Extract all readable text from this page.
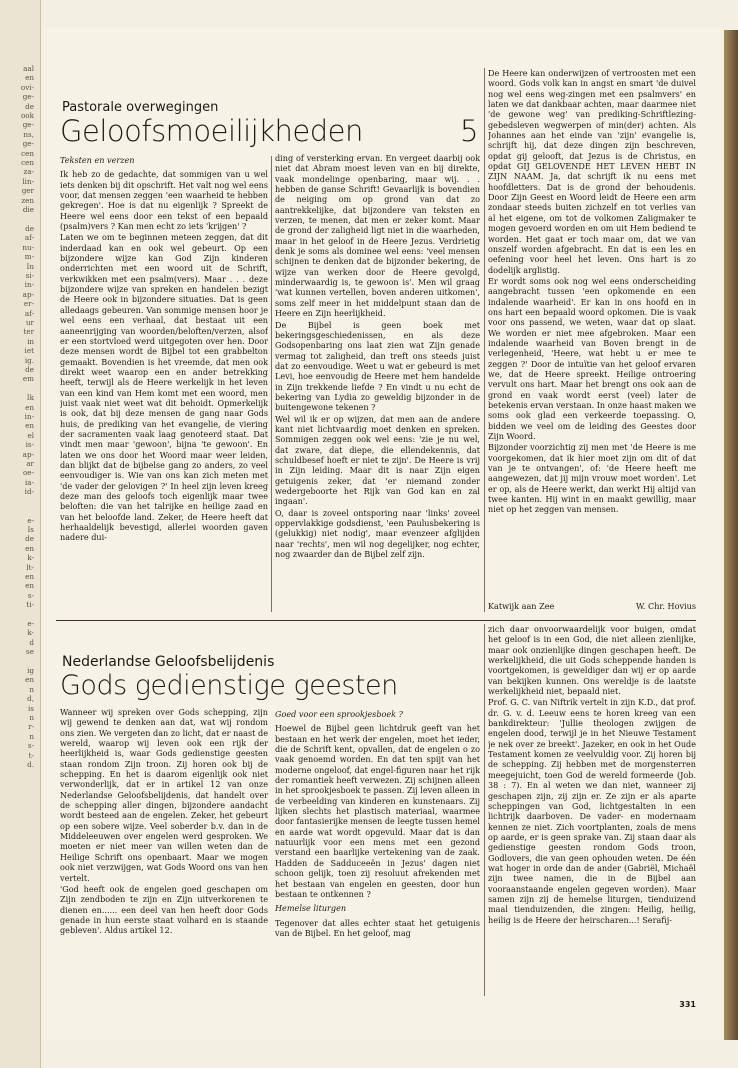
aal
en
ovi-
ge-
de
ook
ge-
ns,
ge-
cen
cen
za-
lin-
ger
zen
die

de
af-
nu-
m-
In
si-
in-
ap-
er-
af-
ur
ter
in
iet
ig.
de
em

Ik
en
in-
en
el
is-
ap-
ar
oe-
ia-
id-

e-
Is
de
en
k-
lt-
en
en
s-
ti-

e-
k-
d
se

ig
en
n
d,
is
n
r-
n
s-
t-
d.
Pastorale overwegingen
Geloofsmoeilijkheden	5
Teksten en verzen

Ik heb zo de gedachte, dat sommigen van u wel iets denken bij dit opschrift. Het valt nog wel eens voor, dat mensen zeggen 'een waarheid te hebben gekregen'. Hoe is dat nu eigenlijk ? Spreekt de Heere wel eens door een tekst of een bepaald (psalm)vers ? Kan men echt zo iets 'krijgen' ?

Laten we om te beginnen meteen zeggen, dat dit inderdaad kan en ook wel gebeurt. Op een bijzondere wijze kan God Zijn kinderen onderrichten met een woord uit de Schrift, verkwikken met een psalm(vers). Maar . . . deze bijzondere wijze van spreken en handelen bezigt de Heere ook in bijzondere situaties. Dat is geen alledaags gebeuren. Van sommige mensen hoor je wel eens een verhaal, dat bestaat uit een aaneenrijging van woorden/beloften/verzen, alsof er een stortvloed werd uitgegoten over hen. Door deze mensen wordt de Bijbel tot een grabbelton gemaakt. Bovendien is het vreemde, dat men ook direkt weet waarop een en ander betrekking heeft, terwijl als de Heere werkelijk in het leven van een kind van Hem komt met een woord, men juist vaak niet weet wat dit behoidt. Opmerkelijk is ook, dat bij deze mensen de gang naar Gods huis, de prediking van het evangelie, de viering der sacramenten vaak laag genoteerd staat. Dat vindt men maar 'gewoon', bijna 'te gewoon'. En laten we ons door het Woord maar weer leiden, dan blijkt dat de bijbelse gang zo anders, zo veel eenvoudiger is. Wie van ons kan zich meten met 'de vader der gelovigen ?' In heel zijn leven kreeg deze man des geloofs toch eigenlijk maar twee beloften: die van het talrijke en heilige zaad en van het beloofde land. Zeker, de Heere heeft dat herhaaldelijk bevestigd, allerlei woorden gaven nadere dui-

ding of versterking ervan. En vergeet daarbij ook niet dat Abram moest leven van en bij direkte, vaak mondelinge openbaring, maar wij. . . hebben de ganse Schrift! Gevaarlijk is bovendien de neiging om op grond van dat zo aantrekkelijke, dat bijzondere van teksten en verzen, te menen, dat men er zeker komt. Maar de grond der zaligheid ligt niet in die waarheden, maar in het geloof in de Heere Jezus. Verdrietig denk je soms als dominee wel eens: 'veel mensen schijnen te denken dat de bijzonder bekering, de wijze van werken door de Heere gevolgd, minderwaardig is, te gewoon is'. Men wil graag 'wat kunnen vertellen, boven anderen uitkomen', soms zelf meer in het middelpunt staan dan de Heere en Zijn heerlijkheid.

De Bijbel is geen boek met bekeringsgeschiedenissen, en als deze Godsopenbaring ons laat zien wat Zijn genade vermag tot zaligheid, dan treft ons steeds juist dat zo eenvoudige. Weet u wat er gebeurd is met Levi, hoe eenvoudig de Heere met hem handelde in Zijn trekkende liefde ? En vindt u nu echt de bekering van Lydia zo geweldig bijzonder in de buitengewone tekenen ?

Wel wil ik er op wijzen, dat men aan de andere kant niet lichtvaardig moet denken en spreken. Sommigen zeggen ook wel eens: 'zie je nu wel, dat zware, dat diepe, die ellendekennis, dat schuldbesef hoeft er niet te zijn'. De Heere is vrij in Zijn leiding. Maar dit is naar Zijn eigen getuigenis zeker, dat 'er niemand zonder wedergeboorte het Rijk van God kan en zal ingaan'.

O, daar is zoveel ontsporing naar 'links' zoveel oppervlakkige godsdienst, 'een Paulusbekering is (gelukkig) niet nodig', maar evenzeer afglijden naar 'rechts', men wil nog degelijker, nog echter, nog zwaarder dan de Bijbel zelf zijn.

De Heere kan onderwijzen of vertroosten met een woord. Gods volk kan in angst en smart 'de duivel nog wel eens weg-zingen met een psalmvers' en laten we dat dankbaar achten, maar daarmee niet 'de gewone weg' van prediking-Schriftlezing-gebedsleven wegwerpen of min(der) achten. Als Johannes aan het einde van 'zijn' evangelie is, schrijft hij, dat deze dingen zijn beschreven, opdat gij gelooft, dat Jezus is de Christus, en opdat GIJ GELOVENDE HET LEVEN HEBT IN ZIJN NAAM. Ja, dat schrijft ik nu eens met hoofdletters. Dat is de grond der behoudenis. Door Zijn Geest en Woord leidt de Heere een arm zondaar steeds buiten zichzelf en tot verlies van al het eigene, om tot de volkomen Zaligmaker te mogen gevoerd worden en om uit Hem bediend te worden. Het gaat er toch maar om, dat we van onszelf worden afgebracht. En dat is een les en oefening voor heel het leven. Ons hart is zo dodelijk arglistig.

Er wordt soms ook nog wel eens onderscheiding aangebracht tussen 'een opkomende en een indalende waarheid'. Er kan in ons hoofd en in ons hart een bepaald woord opkomen. Die is vaak voor ons passend, we weten, waar dat op slaat. We worden er niet mee afgebroken. Maar een indalende waarheid van Boven brengt in de verlegenheid, 'Heere, wat hebt u er mee te zeggen ?' Door de intuïtie van het geloof ervaren we, dat de Heere spreekt. Heilige ontroering vervult ons hart. Maar het brengt ons ook aan de grond en vaak wordt eerst (veel) later de betekenis ervan verstaan. In onze haast maken we soms ook glad een verkeerde toepassing. O, bidden we veel om de leiding des Geestes door Zijn Woord.

Bijzonder voorzichtig zij men met 'de Heere is me voorgekomen, dat ik hier moet zijn om dit of dat van je te ontvangen', of: 'de Heere heeft me aangewezen, dat jij mijn vrouw moet worden'. Let er op, als de Heere werkt, dan werkt Hij altijd van twee kanten. Hij wint in en maakt gewillig, maar niet op het zeggen van mensen.

Katwijk aan Zee	W. Chr. Hovius
Nederlandse Geloofsbelijdenis
Gods gedienstige geesten

Wanneer wij spreken over Gods schepping, zijn wij gewend te denken aan dat, wat wij rondom ons zien. We vergeten dan zo licht, dat er naast de wereld, waarop wij leven ook een rijk der heerlijkheid is, waar Gods gedienstige geesten staan rondom Zijn troon. Zij horen ook bij de schepping. En het is daarom eigenlijk ook niet verwonderlijk, dat er in artikel 12 van onze Nederlandse Geloofsbelijdenis, dat handelt over de schepping aller dingen, bijzondere aandacht wordt besteed aan de engelen. Zeker, het gebeurt op een sobere wijze. Veel soberder b.v. dan in de Middeleeuwen over engelen werd gesproken. We moeten er niet meer van willen weten dan de Heilige Schrift ons openbaart. Maar we mogen ook niet verzwijgen, wat Gods Woord ons van hen vertelt.

'God heeft ook de engelen goed geschapen om Zijn zendboden te zijn en Zijn uitverkorenen te dienen en...... een deel van hen heeft door Gods genade in hun eerste staat volhard en is staande gebleven'. Aldus artikel 12.

Goed voor een sprookjesboek ?

Hoewel de Bijbel geen lichtdruk geeft van het bestaan en het werk der engelen, moet het ieder, die de Schrift kent, opvallen, dat de engelen o zo vaak genoemd worden. En dat ten spijt van het moderne ongeloof, dat engel-figuren naar het rijk der romantiek heeft verwezen. Zij schijnen alleen in het sprookjesboek te passen. Zij leven alleen in de verbeelding van kinderen en kunstenaars. Zij lijken slechts het plastisch materiaal, waarmee door fantasierijke mensen de leegte tussen hemel en aarde wat wordt opgevuld. Maar dat is dan natuurlijk voor een mens met een gezond verstand een baarlijke vertekening van de zaak. Hadden de Sadduceeën in Jezus' dagen niet schoon gelijk, toen zij resoluut afrekenden met het bestaan van engelen en geesten, door hun bestaan te ontkennen ?

Hemelse liturgen

Tegenover dat alles echter staat het getuigenis van de Bijbel. En het geloof, mag

zich daar onvoorwaardelijk voor buigen, omdat het geloof is in een God, die niet alleen zienlijke, maar ook onzienlijke dingen geschapen heeft. De werkelijkheid, die uit Gods scheppende handen is voortgekomen, is geweldiger dan wij er op aarde van bekijken kunnen. Ons wereldje is de laatste werkelijkheid niet, bepaald niet.

Prof. G. C. van Niftrik vertelt in zijn K.D., dat prof. dr. G. v. d. Leeuw eens te horen kreeg van een bankdirekteur: 'Jullie theologen zwijgen de engelen dood, terwijl je in het Nieuwe Testament je nek over ze breekt'. Jazeker, en ook in het Oude Testament komen ze veelvuldig voor. Zij horen bij de schepping. Zij hebben met de morgensterren meegejuicht, toen God de wereld formeerde (Job. 38 : 7). En al weten we dan niet, wanneer zij geschapen zijn, zij zijn er. Ze zijn er als aparte scheppingen van God, lichtgestalten in een lichtrijk daarboven. De vader- en modernaam kennen ze niet. Zich voortplanten, zoals de mens op aarde, er is geen sprake van. Zij staan daar als gedienstige geesten rondom Gods troon, Godlovers, die van geen ophouden weten. De één wat hoger in orde dan de ander (Gabriël, Michaël zijn twee namen, die in de Bijbel aan vooraanstaande engelen gegeven worden). Maar samen zijn zij de hemelse liturgen, tienduizend maal tienduizenden, die zingen: Heilig, heilig, heilig is de Heere der heirscharen...! Serafij-

331
